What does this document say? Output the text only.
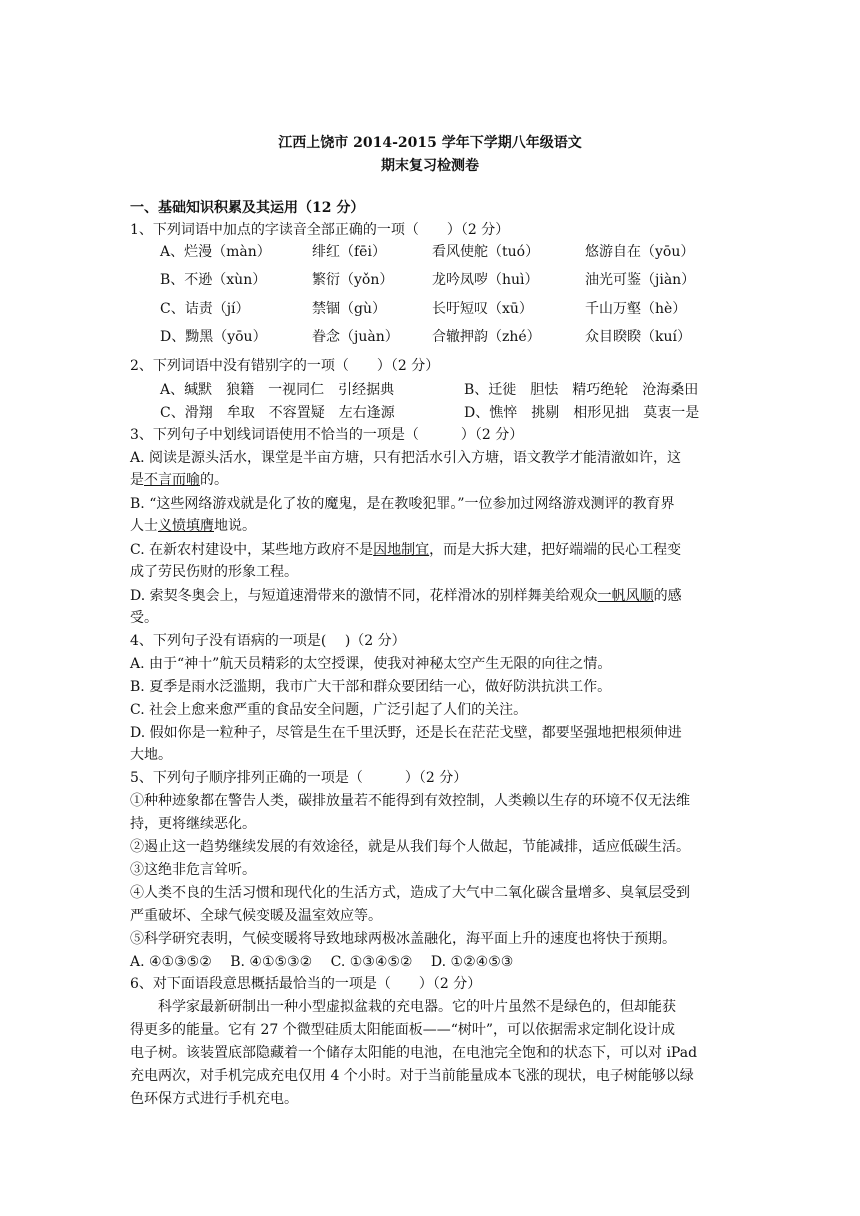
江西上饶市 2014-2015 学年下学期八年级语文
期末复习检测卷
一、基础知识积累及其运用（12 分）
1、下列词语中加点的字读音全部正确的一项（　　）（2 分）
A、烂漫（màn）	绯红（fēi）	看风使舵（tuó）	悠游自在（yōu）
B、不逊（xùn）	繁衍（yǒn）	龙吟凤哕（huì）	油光可鉴（jiàn）
C、诘责（jí）	禁锢（gù）	长吁短叹（xū）	千山万壑（hè）
D、黝黑（yōu）	眷念（juàn） 合辙押韵（zhé）	众目睽睽（kuí）
2、下列词语中没有错别字的一项（　　）（2 分）
A、缄默　狼籍　一视同仁　引经据典	B、迁徙　胆怯　精巧绝轮　沧海桑田
C、滑翔　牟取　不容置疑　左右逢源	D、憔悴　挑剔　相形见拙　莫衷一是
3、下列句子中划线词语使用不恰当的一项是（　　　）（2 分）
A. 阅读是源头活水，课堂是半亩方塘，只有把活水引入方塘，语文教学才能清澈如许，这
是不言而喻的。
B. “这些网络游戏就是化了妆的魔鬼，是在教唆犯罪。”一位参加过网络游戏测评的教育界
人士义愤填膺地说。
C. 在新农村建设中，某些地方政府不是因地制宜，而是大拆大建，把好端端的民心工程变
成了劳民伤财的形象工程。
D. 索契冬奥会上，与短道速滑带来的激情不同，花样滑冰的别样舞美给观众一帆风顺的感
受。
4、下列句子没有语病的一项是(　 )（2 分）
A. 由于“神十”航天员精彩的太空授课，使我对神秘太空产生无限的向往之情。
B. 夏季是雨水泛滥期，我市广大干部和群众要团结一心，做好防洪抗洪工作。
C. 社会上愈来愈严重的食品安全问题，广泛引起了人们的关注。
D. 假如你是一粒种子，尽管是生在千里沃野，还是长在茫茫戈壁，都要坚强地把根须伸进
大地。
5、下列句子顺序排列正确的一项是（　　　）（2 分）
①种种迹象都在警告人类，碳排放量若不能得到有效控制，人类赖以生存的环境不仅无法维
持，更将继续恶化。
②遏止这一趋势继续发展的有效途径，就是从我们每个人做起，节能减排，适应低碳生活。
③这绝非危言耸听。
④人类不良的生活习惯和现代化的生活方式，造成了大气中二氧化碳含量增多、臭氧层受到
严重破坏、全球气候变暖及温室效应等。
⑤科学研究表明，气候变暖将导致地球两极冰盖融化，海平面上升的速度也将快于预期。
A. ④①③⑤②　 B. ④①⑤③②　 C. ①③④⑤②　 D. ①②④⑤③
6、对下面语段意思概括最恰当的一项是（　　）（2 分）
　　科学家最新研制出一种小型虚拟盆栽的充电器。它的叶片虽然不是绿色的，但却能获
得更多的能量。它有 27 个微型硅质太阳能面板——“树叶”，可以依据需求定制化设计成
电子树。该装置底部隐藏着一个储存太阳能的电池，在电池完全饱和的状态下，可以对 iPad
充电两次，对手机完成充电仅用 4 个小时。对于当前能量成本飞涨的现状，电子树能够以绿
色环保方式进行手机充电。
